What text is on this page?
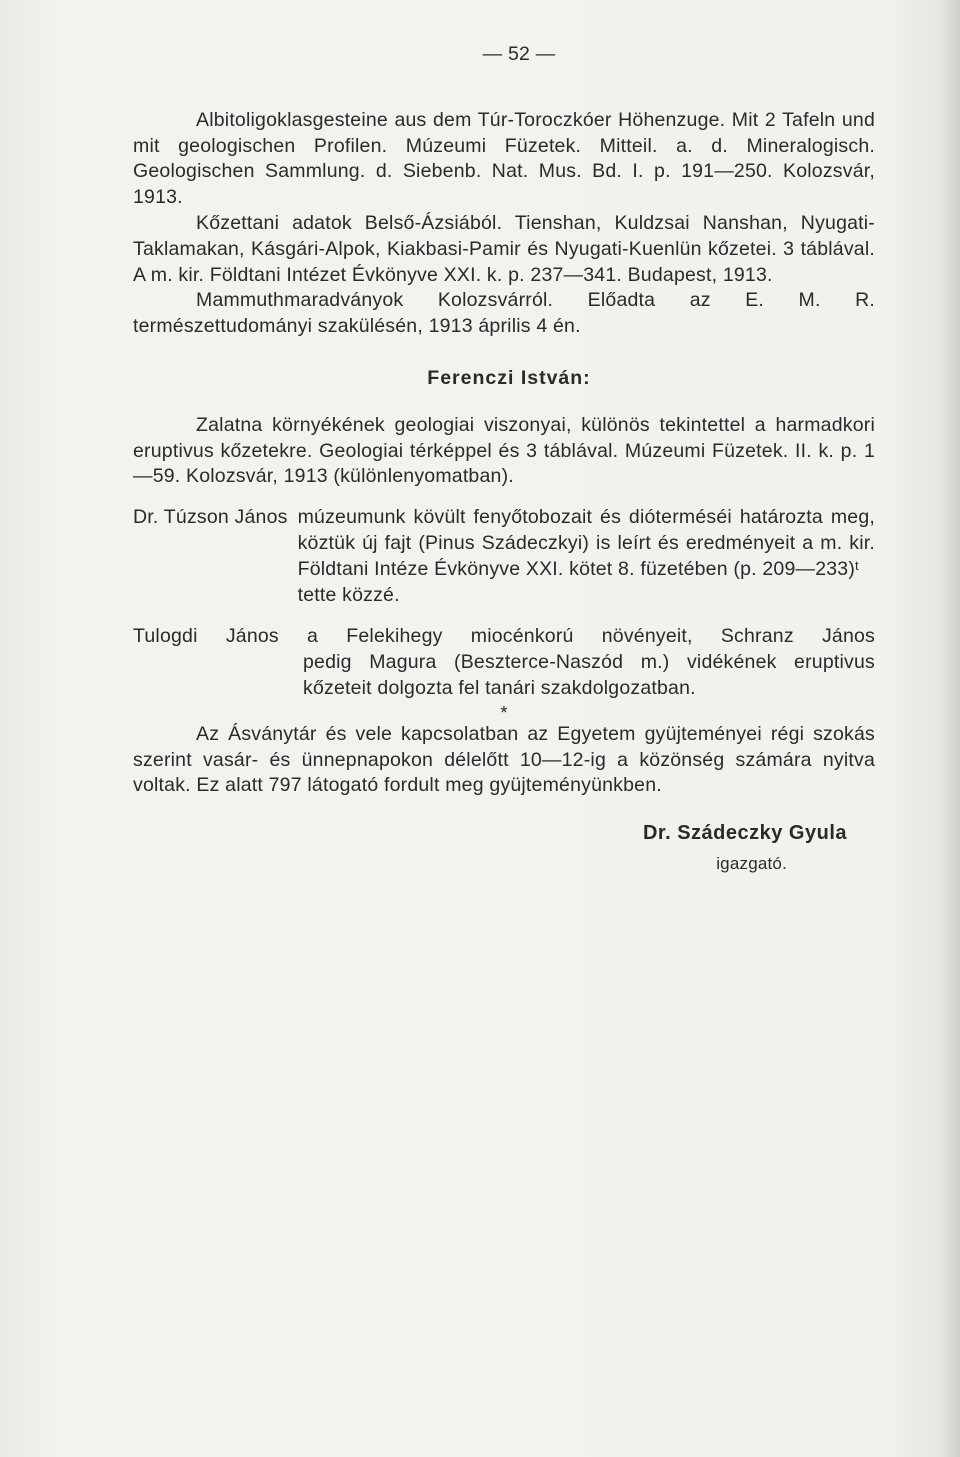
— 52 —

Albitoligoklasgesteine aus dem Túr-Toroczkóer Höhenzuge. Mit 2 Tafeln und mit geologischen Profilen. Múzeumi Füzetek. Mitteil. a. d. Mineralogisch. Geologischen Sammlung. d. Siebenb. Nat. Mus. Bd. I. p. 191—250. Kolozsvár, 1913.

Kőzettani adatok Belső-Ázsiából. Tienshan, Kuldzsai Nanshan, Nyugati-Taklamakan, Kásgári-Alpok, Kiakbasi-Pamir és Nyugati-Kuenlün kőzetei. 3 táblával. A m. kir. Földtani Intézet Évkönyve XXI. k. p. 237—341. Budapest, 1913.

Mammuthmaradványok Kolozsvárról. Előadta az E. M. R. természettudományi szakülésén, 1913 április 4 én.

Ferenczi István:

Zalatna környékének geologiai viszonyai, különös tekintettel a harmadkori eruptivus kőzetekre. Geologiai térképpel és 3 táblával. Múzeumi Füzetek. II. k. p. 1—59. Kolozsvár, 1913 (különlenyomatban).

Dr. Túzson János múzeumunk kövült fenyőtobozait és dióterméséi határozta meg, köztük új fajt (Pinus Szádeczkyi) is leírt és eredményeit a m. kir. Földtani Intéze Évkönyve XXI. kötet 8. füzetében (p. 209—233)$^t$
tette közzé.
Tulogdi János a Felekihegy miocénkorú növényeit, Schranz János
pedig Magura (Beszterce-Naszód m.) vidékének eruptivus kőzeteit dolgozta fel tanári szakdolgozatban.
*

Az Ásványtár és vele kapcsolatban az Egyetem gyüjteményei régi szokás szerint vasár- és ünnepnapokon délelőtt 10—12-ig a közönség számára nyitva voltak. Ez alatt 797 látogató fordult meg gyüjteményünkben.

Dr. Szádeczky Gyula
igazgató.
